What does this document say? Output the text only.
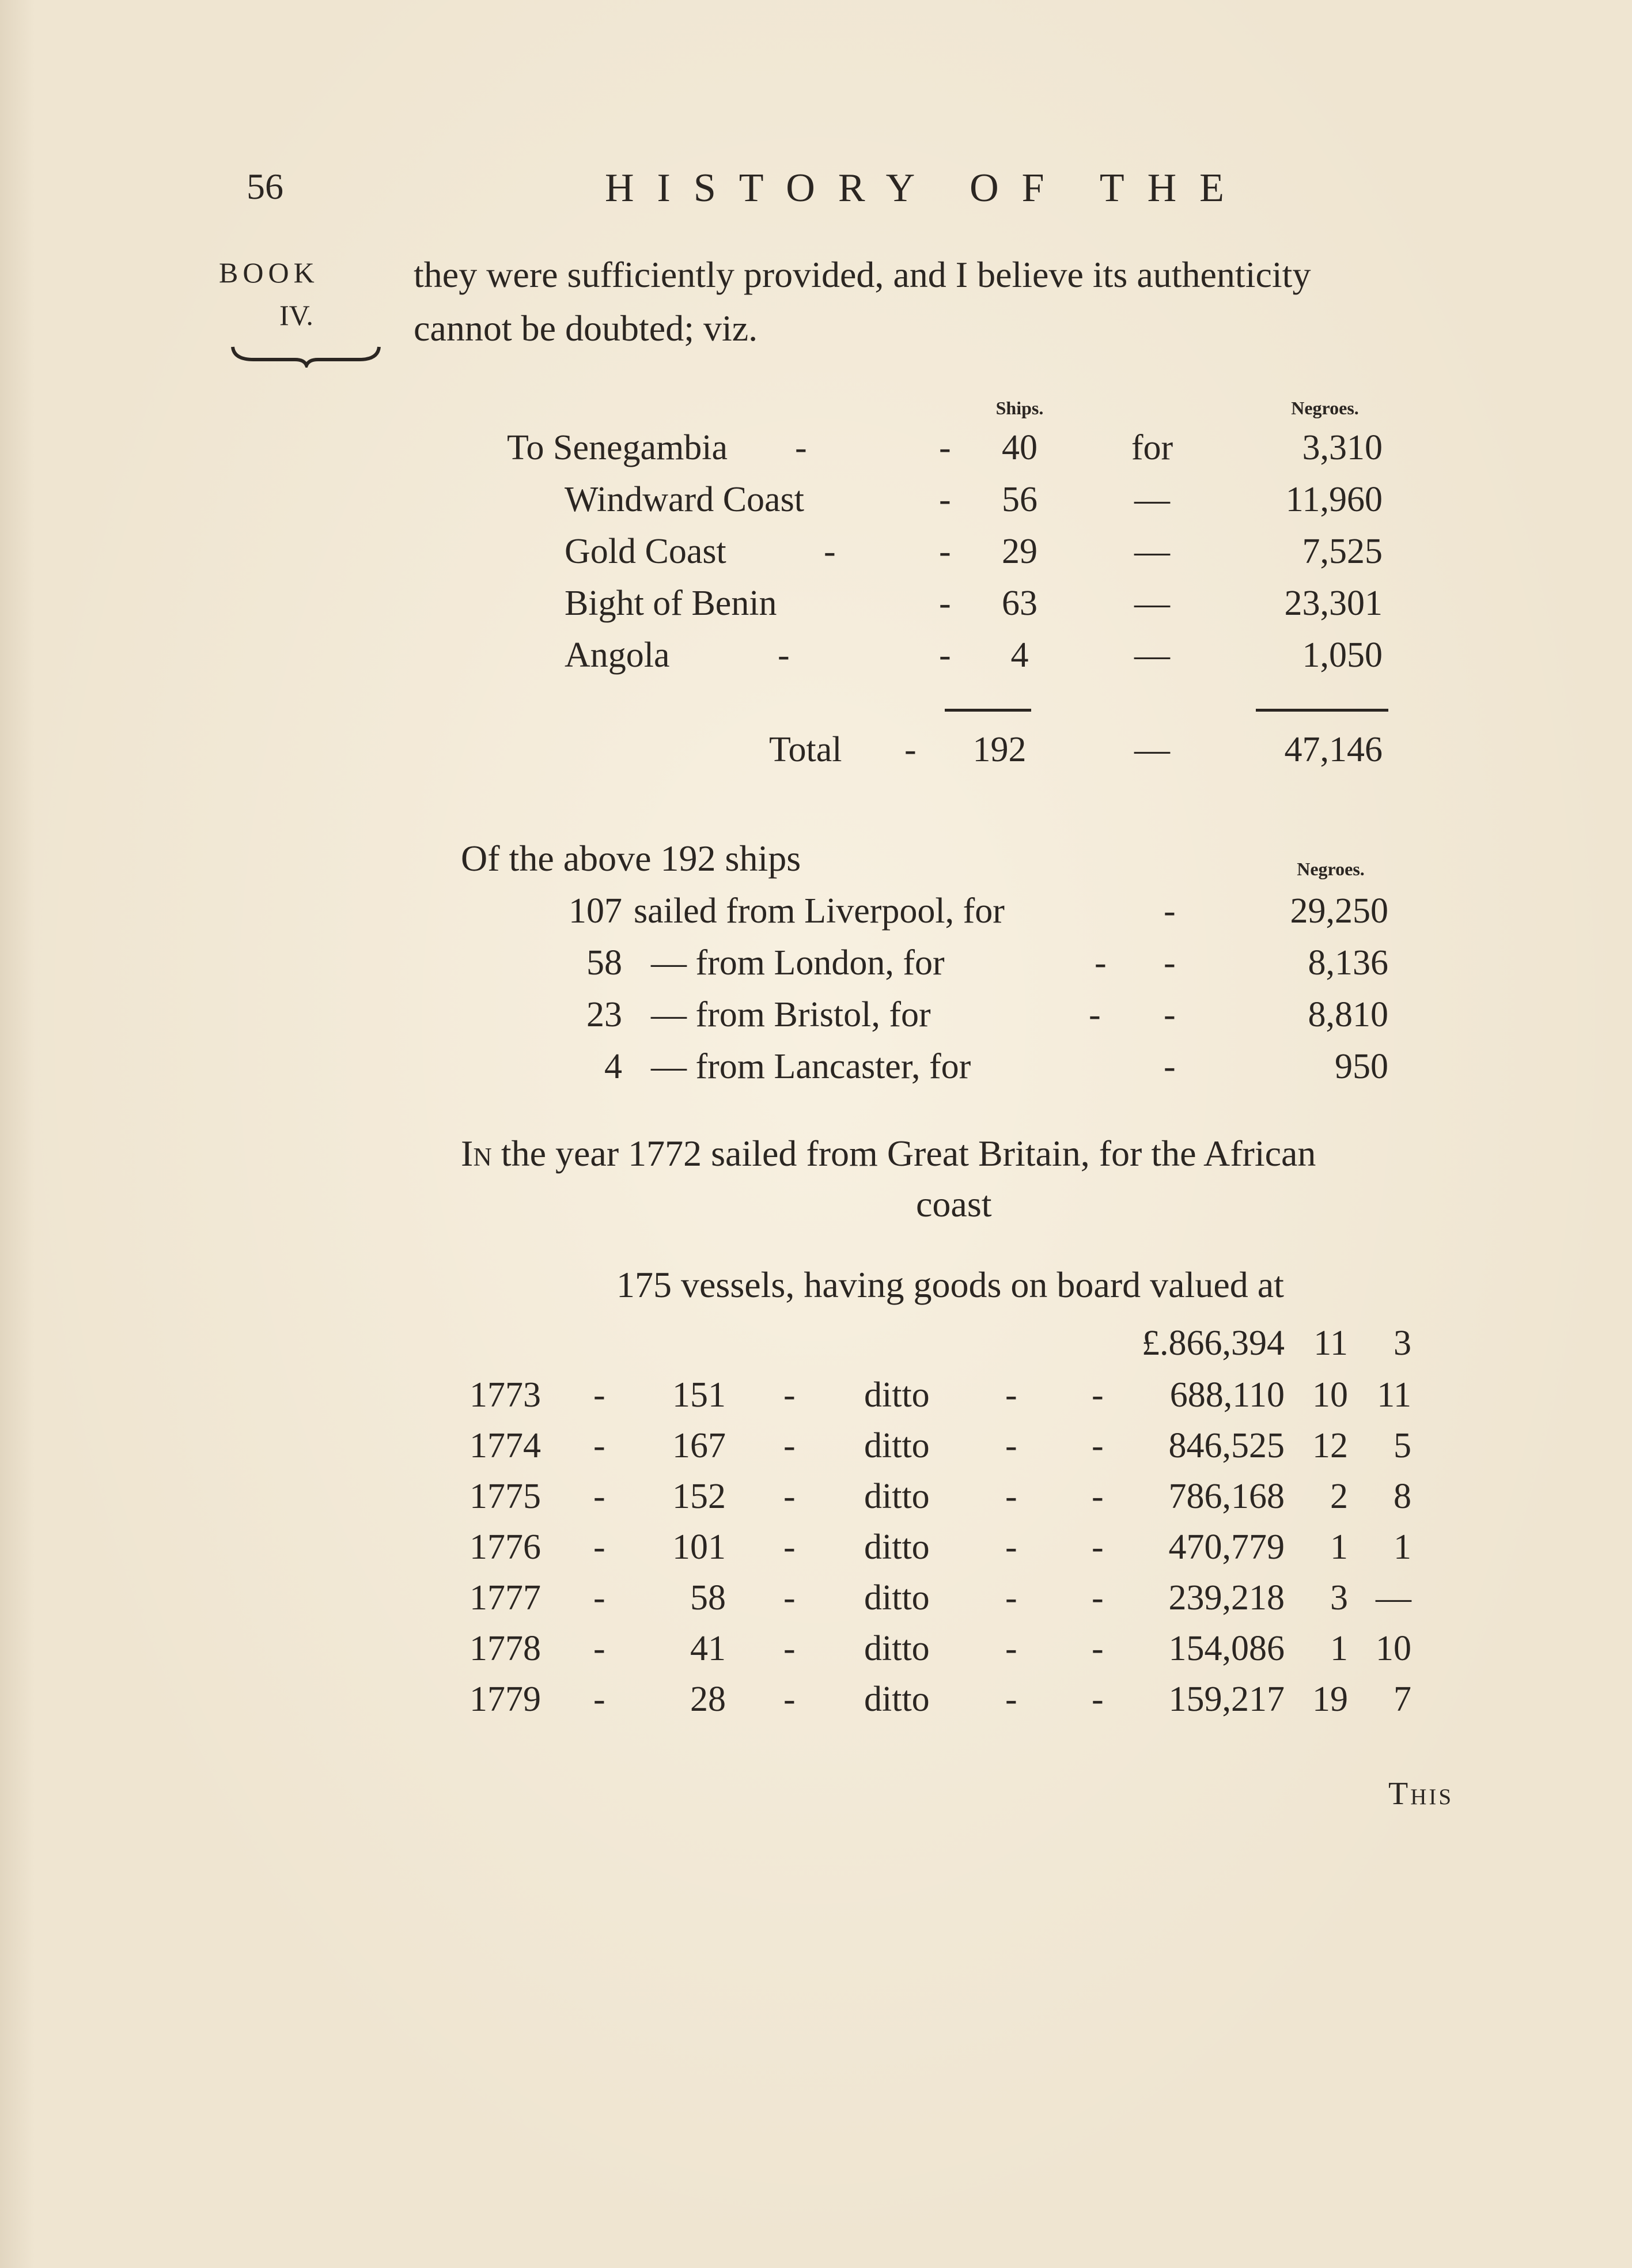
56	HISTORY OF THE
BOOK
IV.
they were sufficiently provided, and I believe its authenticity
cannot be doubted; viz.
Ships.	Negroes.
To Senegambia -	-	40	for	3,310
Windward Coast	-	56	—	11,960
Gold Coast	-	-	29	—	7,525
Bight of Benin	-	63	—	23,301
Angola	-	-	4	—	1,050
Total -	192	—	47,146
Of the above 192 ships	Negroes.
107 sailed from Liverpool, for	-	29,250
58 — from London, for	- -	8,136
23 — from Bristol, for	- -	8,810
4 — from Lancaster, for	-	950
In the year 1772 sailed from Great Britain, for the African
coast
175 vessels, having goods on board valued at
£.866,394 11	3
1773 -	151 - ditto - -	688,110 10 11
1774 -	167 - ditto - -	846,525 12	5
1775 -	152 - ditto - -	786,168	2	8
1776 -	101 - ditto - -	470,779	1	1
1777 -	58 - ditto - -	239,218	3 —
1778 -	41 - ditto - -	154,086	1 10
1779 -	28 - ditto - -	159,217 19	7
This
